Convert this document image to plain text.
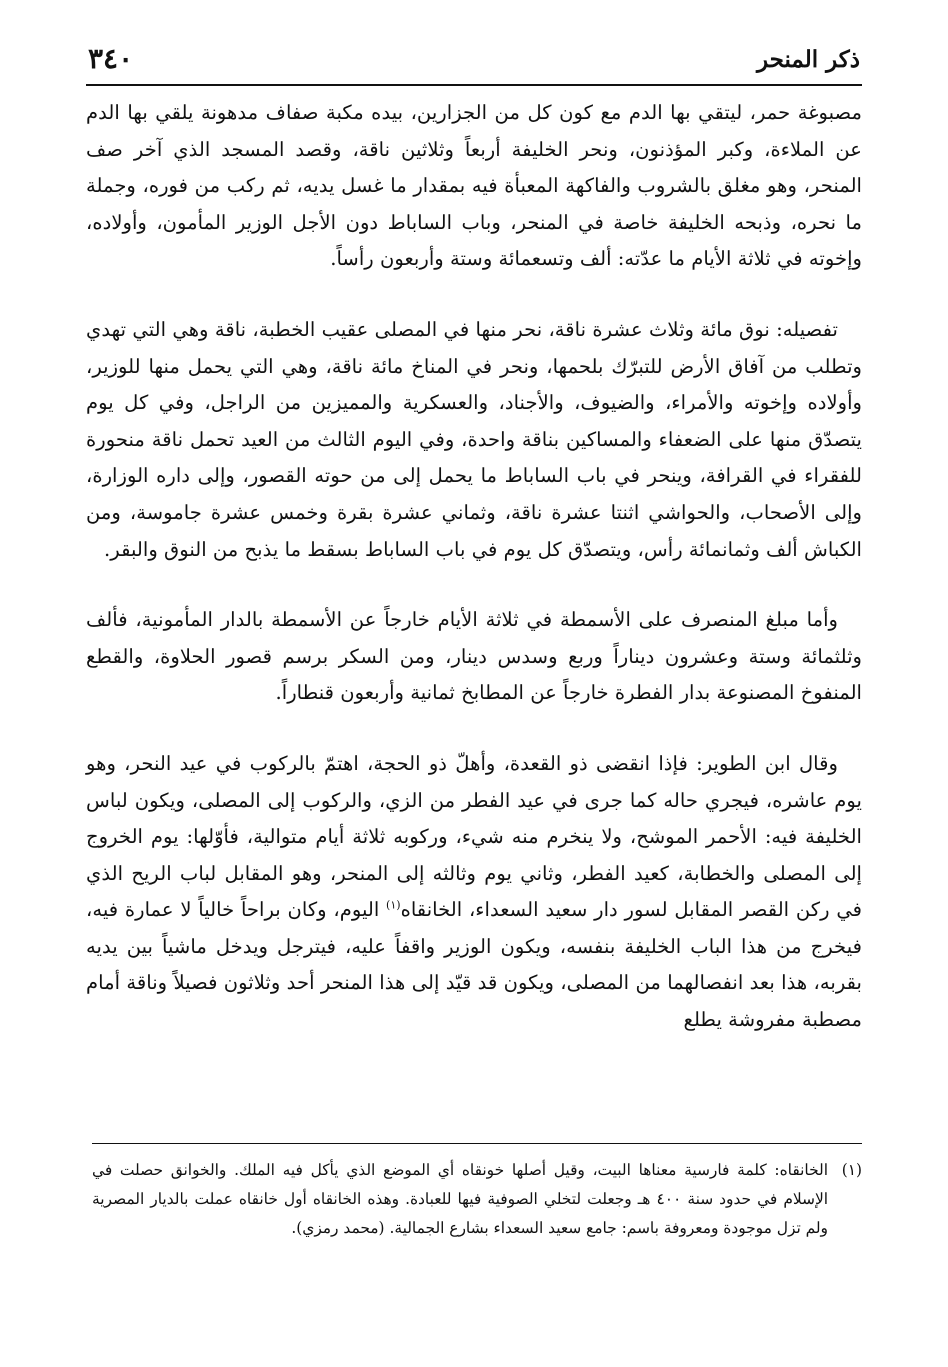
ذكر المنحر
٣٤٠

مصبوغة حمر، ليتقي بها الدم مع كون كل من الجزارين، بيده مكبة صفاف مدهونة يلقي بها الدم عن الملاءة، وكبر المؤذنون، ونحر الخليفة أربعاً وثلاثين ناقة، وقصد المسجد الذي آخر صف المنحر، وهو مغلق بالشروب والفاكهة المعبأة فيه بمقدار ما غسل يديه، ثم ركب من فوره، وجملة ما نحره، وذبحه الخليفة خاصة في المنحر، وباب الساباط دون الأجل الوزير المأمون، وأولاده، وإخوته في ثلاثة الأيام ما عدّته: ألف وتسعمائة وستة وأربعون رأساً.

تفصيله: نوق مائة وثلاث عشرة ناقة، نحر منها في المصلى عقيب الخطبة، ناقة وهي التي تهدي وتطلب من آفاق الأرض للتبرّك بلحمها، ونحر في المناخ مائة ناقة، وهي التي يحمل منها للوزير، وأولاده وإخوته والأمراء، والضيوف، والأجناد، والعسكرية والمميزين من الراجل، وفي كل يوم يتصدّق منها على الضعفاء والمساكين بناقة واحدة، وفي اليوم الثالث من العيد تحمل ناقة منحورة للفقراء في القرافة، وينحر في باب الساباط ما يحمل إلى من حوته القصور، وإلى داره الوزارة، وإلى الأصحاب، والحواشي اثنتا عشرة ناقة، وثماني عشرة بقرة وخمس عشرة جاموسة، ومن الكباش ألف وثمانمائة رأس، ويتصدّق كل يوم في باب الساباط بسقط ما يذبح من النوق والبقر.

وأما مبلغ المنصرف على الأسمطة في ثلاثة الأيام خارجاً عن الأسمطة بالدار المأمونية، فألف وثلثمائة وستة وعشرون ديناراً وربع وسدس دينار، ومن السكر برسم قصور الحلاوة، والقطع المنفوخ المصنوعة بدار الفطرة خارجاً عن المطابخ ثمانية وأربعون قنطاراً.

وقال ابن الطوير: فإذا انقضى ذو القعدة، وأهلّ ذو الحجة، اهتمّ بالركوب في عيد النحر، وهو يوم عاشره، فيجري حاله كما جرى في عيد الفطر من الزي، والركوب إلى المصلى، ويكون لباس الخليفة فيه: الأحمر الموشح، ولا ينخرم منه شيء، وركوبه ثلاثة أيام متوالية، فأوّلها: يوم الخروج إلى المصلى والخطابة، كعيد الفطر، وثاني يوم وثالثه إلى المنحر، وهو المقابل لباب الريح الذي في ركن القصر المقابل لسور دار سعيد السعداء، الخانقاه$^{(١)}$ اليوم، وكان براحاً خالياً لا عمارة فيه، فيخرج من هذا الباب الخليفة بنفسه، ويكون الوزير واقفاً عليه، فيترجل ويدخل ماشياً بين يديه بقربه، هذا بعد انفصالهما من المصلى، ويكون قد قيّد إلى هذا المنحر أحد وثلاثون فصيلاً وناقة أمام مصطبة مفروشة يطلع

(١)
الخانقاه: كلمة فارسية معناها البيت، وقيل أصلها خونقاه أي الموضع الذي يأكل فيه الملك. والخوانق حصلت في الإسلام في حدود سنة ٤٠٠ هـ وجعلت لتخلي الصوفية فيها للعبادة. وهذه الخانقاه أول خانقاه عملت بالديار المصرية ولم تزل موجودة ومعروفة باسم: جامع سعيد السعداء بشارع الجمالية. (محمد رمزي).
